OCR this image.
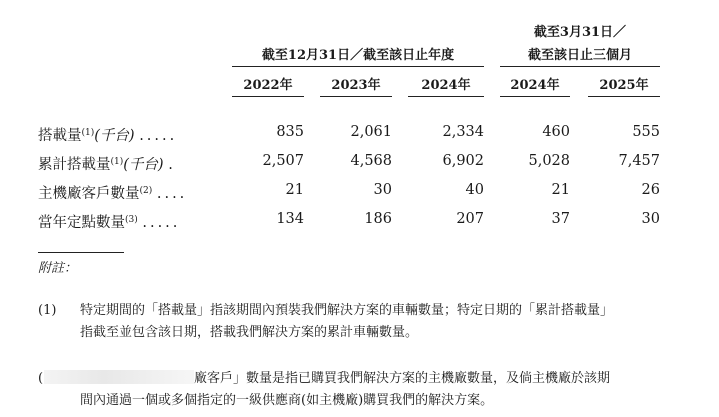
截至12月31日／截至該日止年度
截至3月31日／
截至該日止三個月
2022年	2023年	2024年	2024年	2025年
搭載量$^{(1)}$(千台) .....	835	2,061	2,334	460	555
累計搭載量$^{(1)}$(千台) .	2,507	4,568	6,902	5,028	7,457
主機廠客戶數量$^{(2)}$ ....	21	30	40	21	26
當年定點數量$^{(3)}$ .....	134	186	207	37	30
附註：
(1) 特定期間的「搭載量」指該期間內預裝我們解決方案的車輛數量；特定日期的「累計搭載量」
指截至並包含該日期，搭載我們解決方案的累計車輛數量。
(	廠客戶」數量是指已購買我們解決方案的主機廠數量，及倘主機廠於該期
間內通過一個或多個指定的一級供應商(如主機廠)購買我們的解決方案。
